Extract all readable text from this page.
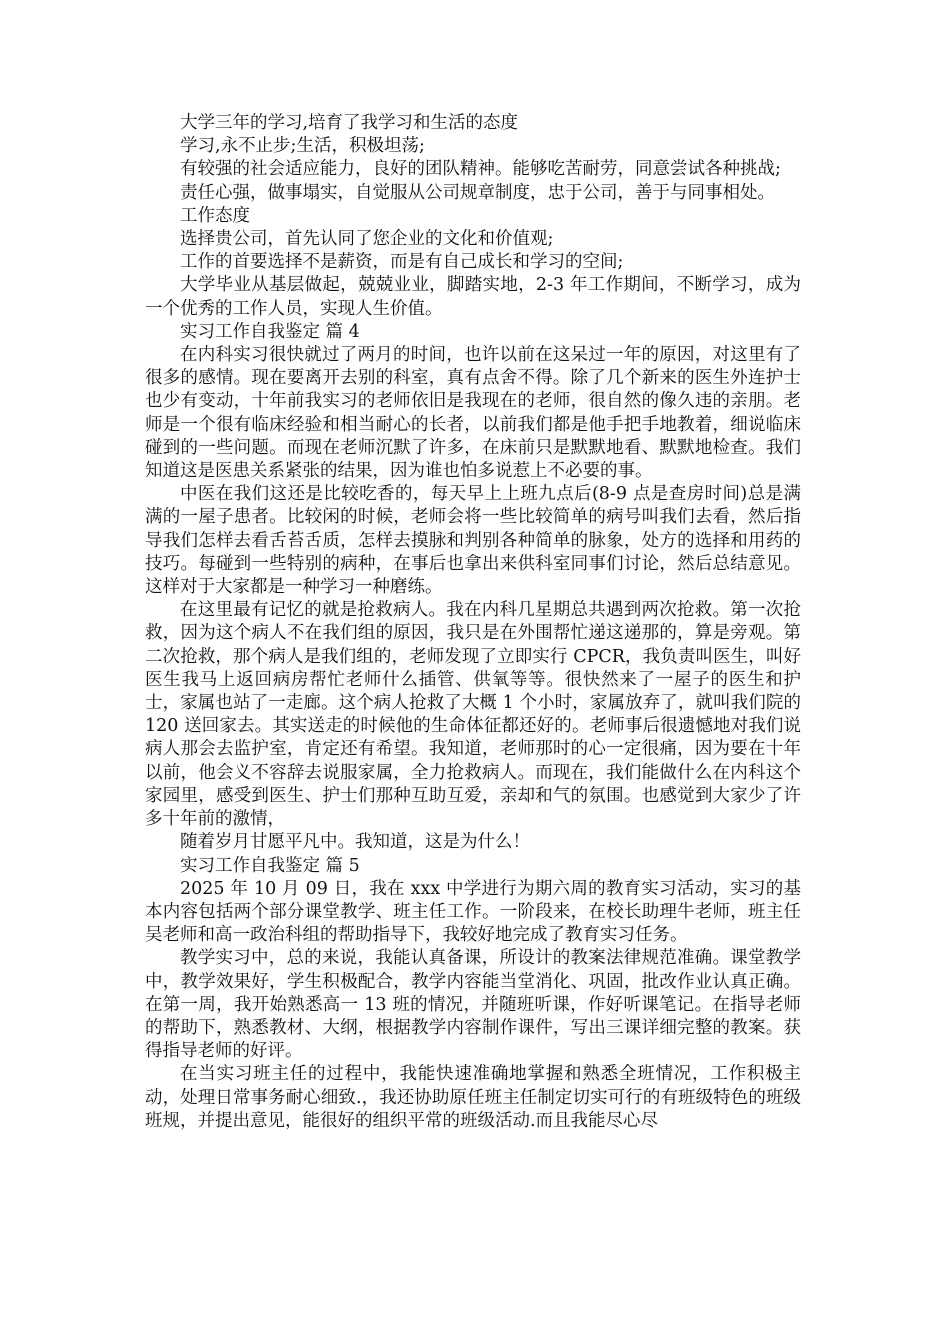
大学三年的学习,培育了我学习和生活的态度

学习,永不止步;生活，积极坦荡;

有较强的社会适应能力，良好的团队精神。能够吃苦耐劳，同意尝试各种挑战;

责任心强，做事塌实，自觉服从公司规章制度，忠于公司，善于与同事相处。

工作态度

选择贵公司，首先认同了您企业的文化和价值观;

工作的首要选择不是薪资，而是有自己成长和学习的空间;

大学毕业从基层做起，兢兢业业，脚踏实地，2-3 年工作期间，不断学习，成为一个优秀的工作人员，实现人生价值。

实习工作自我鉴定 篇 4

在内科实习很快就过了两月的时间，也许以前在这呆过一年的原因，对这里有了很多的感情。现在要离开去别的科室，真有点舍不得。除了几个新来的医生外连护士也少有变动，十年前我实习的老师依旧是我现在的老师，很自然的像久违的亲朋。老师是一个很有临床经验和相当耐心的长者，以前我们都是他手把手地教着，细说临床碰到的一些问题。而现在老师沉默了许多，在床前只是默默地看、默默地检查。我们知道这是医患关系紧张的结果，因为谁也怕多说惹上不必要的事。

中医在我们这还是比较吃香的，每天早上上班九点后(8-9 点是查房时间)总是满满的一屋子患者。比较闲的时候，老师会将一些比较简单的病号叫我们去看，然后指导我们怎样去看舌苔舌质，怎样去摸脉和判别各种简单的脉象，处方的选择和用药的技巧。每碰到一些特别的病种，在事后也拿出来供科室同事们讨论，然后总结意见。这样对于大家都是一种学习一种磨练。

在这里最有记忆的就是抢救病人。我在内科几星期总共遇到两次抢救。第一次抢救，因为这个病人不在我们组的原因，我只是在外围帮忙递这递那的，算是旁观。第二次抢救，那个病人是我们组的，老师发现了立即实行 CPCR，我负责叫医生，叫好医生我马上返回病房帮忙老师什么插管、供氧等等。很快然来了一屋子的医生和护士，家属也站了一走廊。这个病人抢救了大概 1 个小时，家属放弃了，就叫我们院的 120 送回家去。其实送走的时候他的生命体征都还好的。老师事后很遗憾地对我们说病人那会去监护室，肯定还有希望。我知道，老师那时的心一定很痛，因为要在十年以前，他会义不容辞去说服家属，全力抢救病人。而现在，我们能做什么在内科这个家园里，感受到医生、护士们那种互助互爱，亲却和气的氛围。也感觉到大家少了许多十年前的激情，

随着岁月甘愿平凡中。我知道，这是为什么！

实习工作自我鉴定 篇 5

2025 年 10 月 09 日，我在 xxx 中学进行为期六周的教育实习活动，实习的基本内容包括两个部分课堂教学、班主任工作。一阶段来，在校长助理牛老师，班主任吴老师和高一政治科组的帮助指导下，我较好地完成了教育实习任务。

教学实习中，总的来说，我能认真备课，所设计的教案法律规范准确。课堂教学中，教学效果好，学生积极配合，教学内容能当堂消化、巩固，批改作业认真正确。在第一周，我开始熟悉高一 13 班的情况，并随班听课，作好听课笔记。在指导老师的帮助下，熟悉教材、大纲，根据教学内容制作课件，写出三课详细完整的教案。获得指导老师的好评。

在当实习班主任的过程中，我能快速准确地掌握和熟悉全班情况，工作积极主动，处理日常事务耐心细致.，我还协助原任班主任制定切实可行的有班级特色的班级班规，并提出意见，能很好的组织平常的班级活动.而且我能尽心尽
